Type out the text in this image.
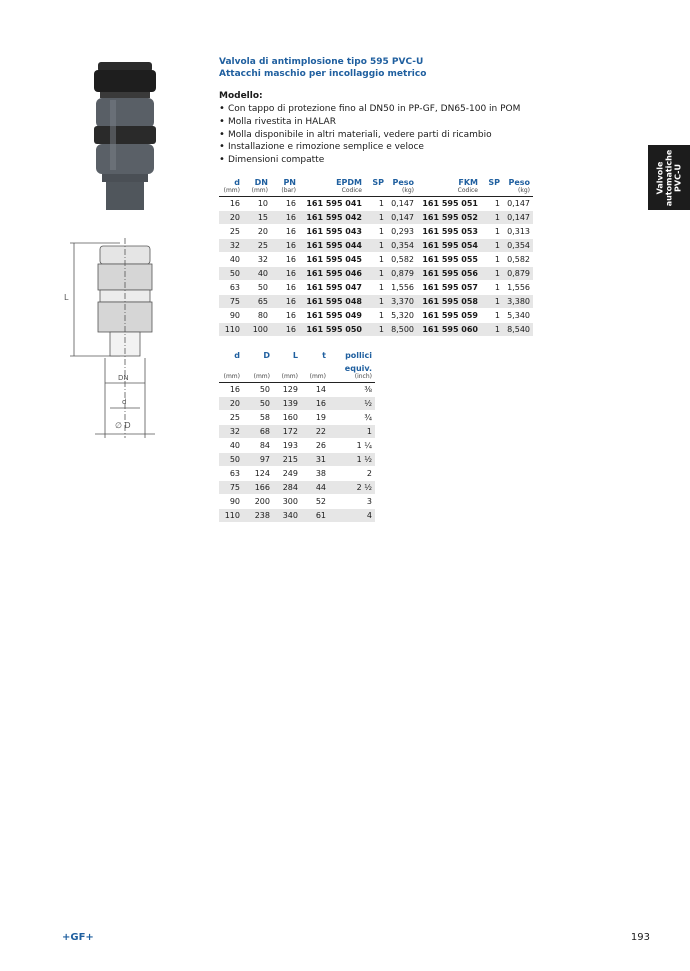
L
DN
d
∅ D
Valvola di antimplosione tipo 595 PVC-U
Attacchi maschio per incollaggio metrico
Modello:
• Con tappo di protezione fino al DN50 in PP-GF, DN65-100 in POM
• Molla rivestita in HALAR
• Molla disponibile in altri materiali, vedere parti di ricambio
• Installazione e rimozione semplice e veloce
• Dimensioni compatte
d	DN	PN	EPDM	SP	Peso	FKM	SP	Peso
(mm)	(mm)	(bar)	Codice		(kg)	Codice		(kg)
16	10	16	161 595 041	1	0,147	161 595 051	1	0,147
20	15	16	161 595 042	1	0,147	161 595 052	1	0,147
25	20	16	161 595 043	1	0,293	161 595 053	1	0,313
32	25	16	161 595 044	1	0,354	161 595 054	1	0,354
40	32	16	161 595 045	1	0,582	161 595 055	1	0,582
50	40	16	161 595 046	1	0,879	161 595 056	1	0,879
63	50	16	161 595 047	1	1,556	161 595 057	1	1,556
75	65	16	161 595 048	1	3,370	161 595 058	1	3,380
90	80	16	161 595 049	1	5,320	161 595 059	1	5,340
110	100	16	161 595 050	1	8,500	161 595 060	1	8,540
d	D	L	t	pollici
				equiv.
(mm)	(mm)	(mm)	(mm)	(inch)
16	50	129	14	⅜
20	50	139	16	½
25	58	160	19	¾
32	68	172	22	1
40	84	193	26	1 ¼
50	97	215	31	1 ½
63	124	249	38	2
75	166	284	44	2 ½
90	200	300	52	3
110	238	340	61	4
Valvole automatiche PVC-U
+GF+	193
